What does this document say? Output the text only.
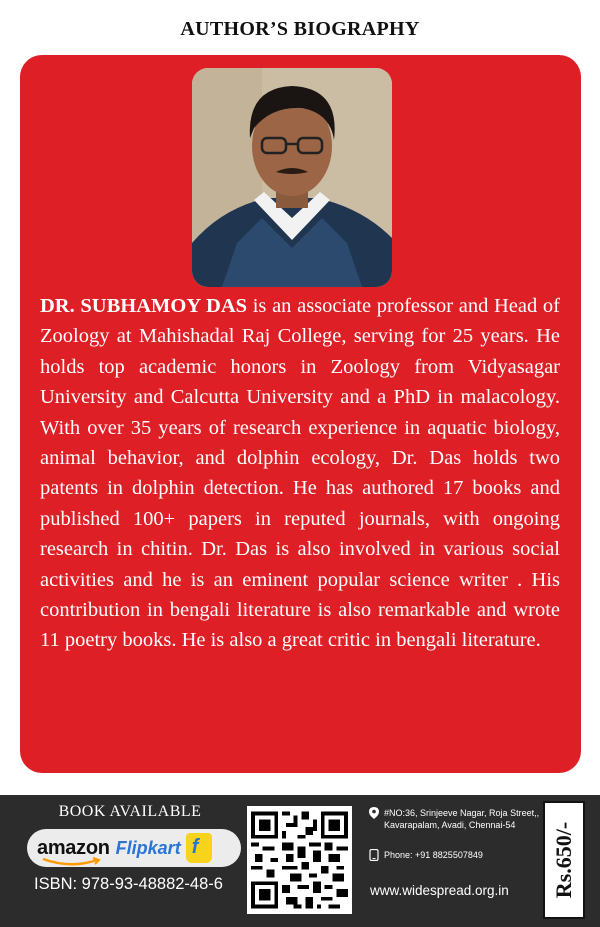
AUTHOR’S BIOGRAPHY

DR. SUBHAMOY DAS is an associate professor and Head of Zoology at Mahishadal Raj College, serving for 25 years. He holds top academic honors in Zoology from Vidyasagar University and Calcutta University and a PhD in malacology. With over 35 years of research experience in aquatic biology, animal behavior, and dolphin ecology, Dr. Das holds two patents in dolphin detection. He has authored 17 books and published 100+ papers in reputed journals, with ongoing research in chitin. Dr. Das is also involved in various social activities and he is an eminent popular science writer . His contribution in bengali literature is also remarkable and wrote 11 poetry books. He is also a great critic in bengali literature.

BOOK AVAILABLE
amazon Flipkart f
ISBN: 978-93-48882-48-6
#NO:36, Srinjeeve Nagar, Roja Street,, Kavarapalam, Avadi, Chennai-54
Phone: +91 8825507849
www.widespread.org.in Rs.650/-
